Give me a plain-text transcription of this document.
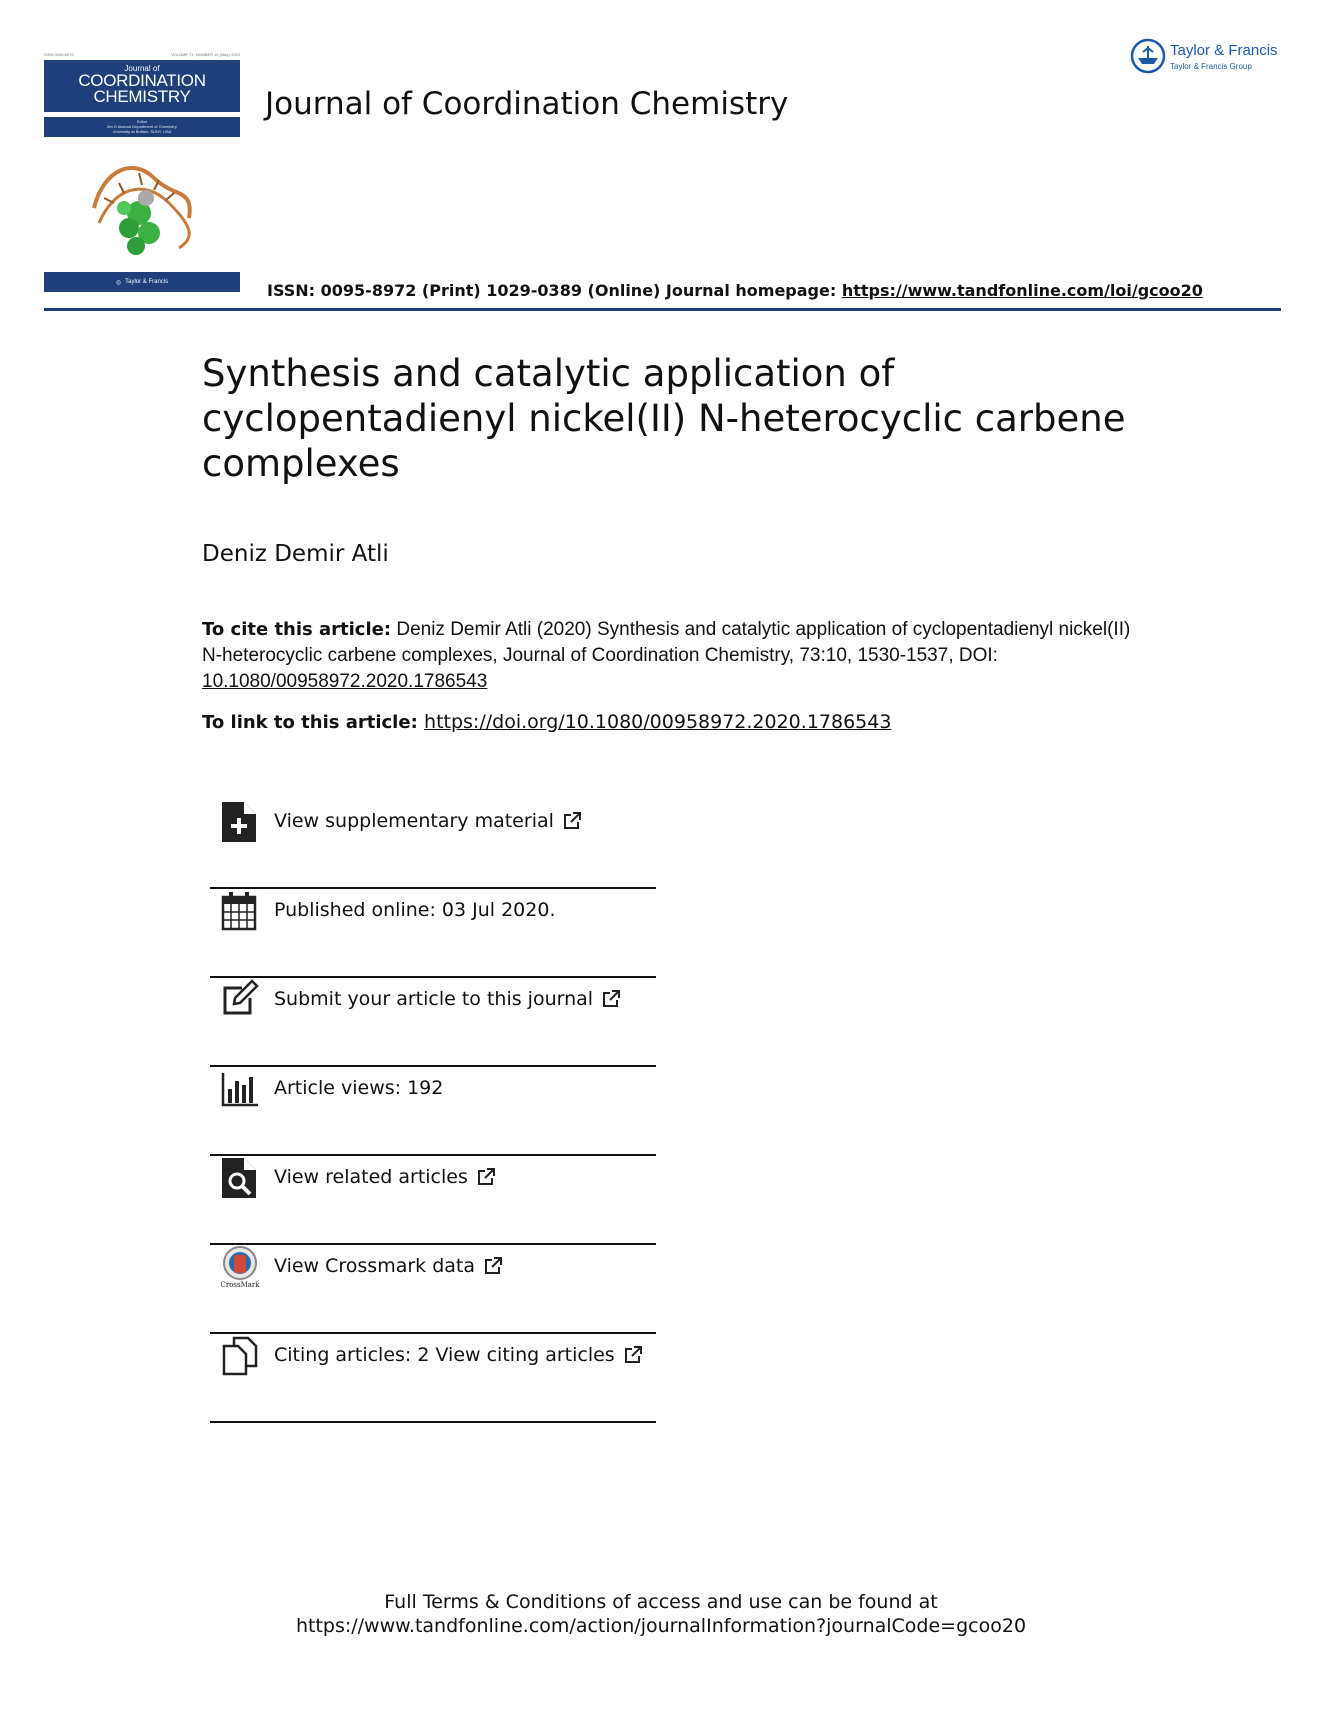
ISSN 0095-8972	VOLUME 73, NUMBER 10 (May) 2020
Journal of
COORDINATION
CHEMISTRY
Editor
Jim D Atwood Department of Chemistry,
University at Buffalo, SUNY, USA
◎ Taylor & Francis
Journal of Coordination Chemistry
ISSN: 0095-8972 (Print) 1029-0389 (Online) Journal homepage: https://www.tandfonline.com/loi/gcoo20
Taylor & Francis
Taylor & Francis Group
Synthesis and catalytic application of cyclopentadienyl nickel(II) N-heterocyclic carbene complexes
Deniz Demir Atli
To cite this article: Deniz Demir Atli (2020) Synthesis and catalytic application of cyclopentadienyl nickel(II) N-heterocyclic carbene complexes, Journal of Coordination Chemistry, 73:10, 1530-1537, DOI: 10.1080/00958972.2020.1786543
To link to this article: https://doi.org/10.1080/00958972.2020.1786543
View supplementary material
Published online: 03 Jul 2020.
Submit your article to this journal
Article views: 192
View related articles
CrossMark
View Crossmark data
Citing articles: 2 View citing articles
Full Terms & Conditions of access and use can be found at
https://www.tandfonline.com/action/journalInformation?journalCode=gcoo20
